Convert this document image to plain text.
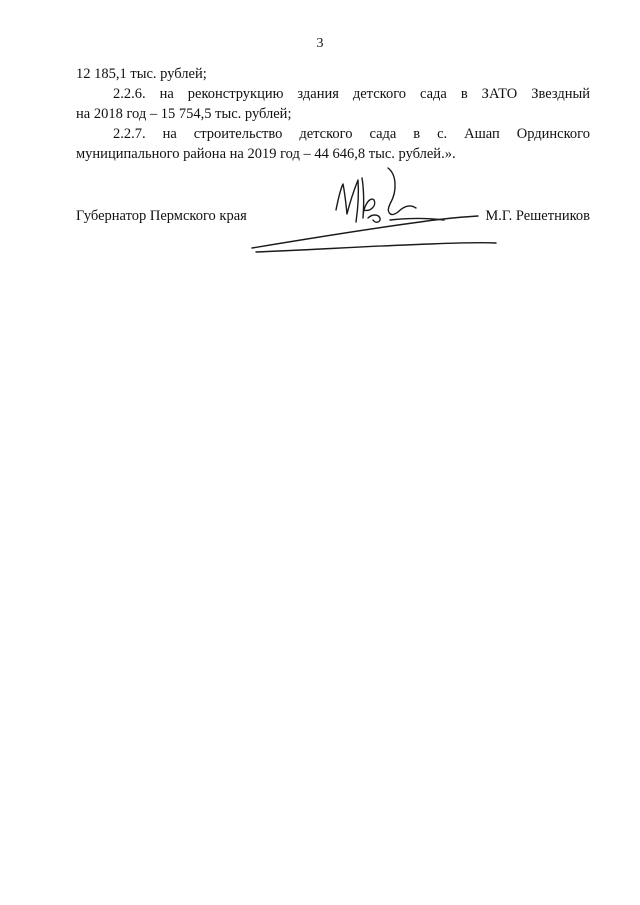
3
12 185,1 тыс. рублей;
2.2.6. на реконструкцию здания детского сада в ЗАТО Звездный
на 2018 год – 15 754,5 тыс. рублей;
2.2.7. на строительство детского сада в с. Ашап Ординского
муниципального района на 2019 год – 44 646,8 тыс. рублей.».
Губернатор Пермского края	М.Г. Решетников
